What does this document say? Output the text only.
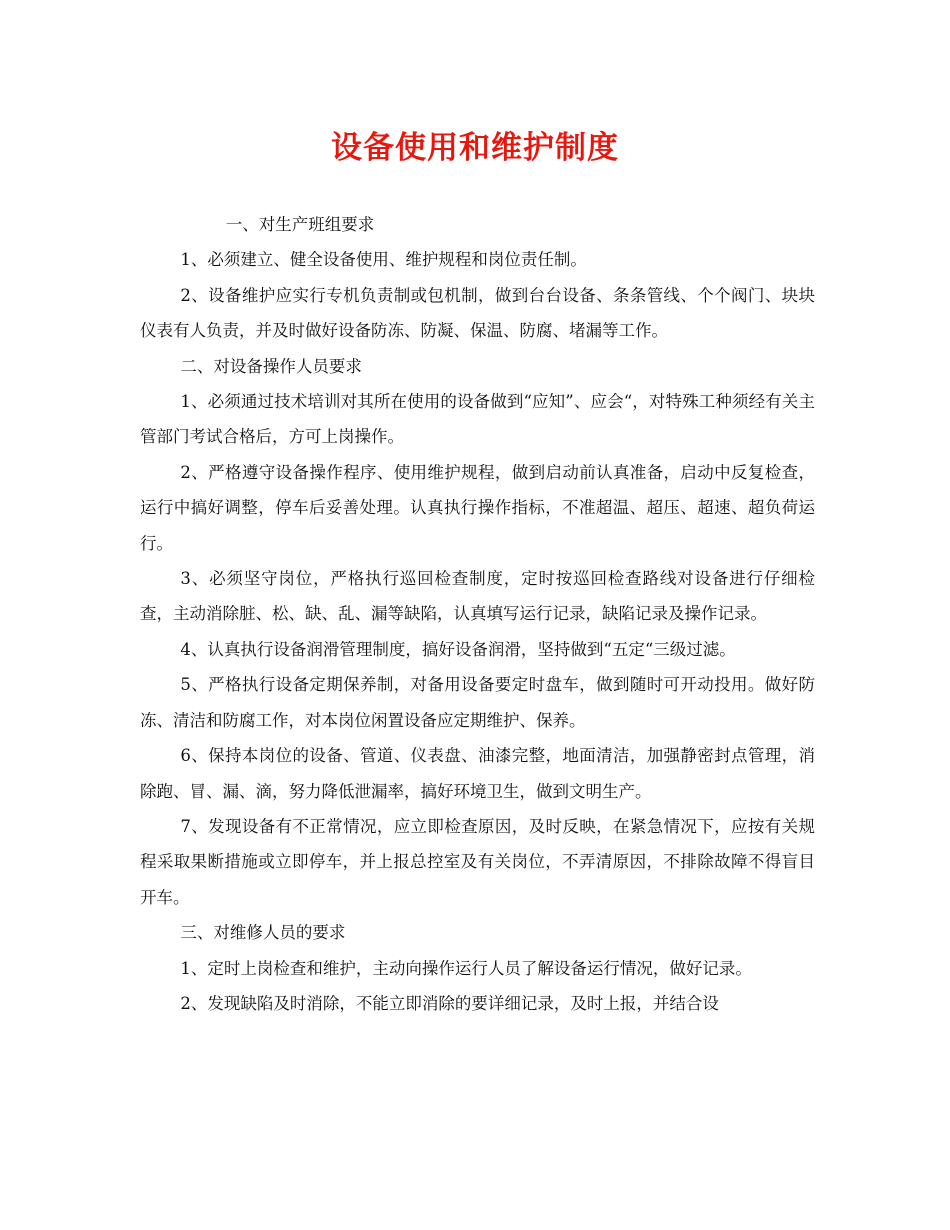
设备使用和维护制度

一、对生产班组要求

1、必须建立、健全设备使用、维护规程和岗位责任制。

2、设备维护应实行专机负责制或包机制，做到台台设备、条条管线、个个阀门、块块仪表有人负责，并及时做好设备防冻、防凝、保温、防腐、堵漏等工作。

二、对设备操作人员要求

1、必须通过技术培训对其所在使用的设备做到“应知”、应会“，对特殊工种须经有关主管部门考试合格后，方可上岗操作。

2、严格遵守设备操作程序、使用维护规程，做到启动前认真准备，启动中反复检查，运行中搞好调整，停车后妥善处理。认真执行操作指标，不准超温、超压、超速、超负荷运行。

3、必须坚守岗位，严格执行巡回检查制度，定时按巡回检查路线对设备进行仔细检查，主动消除脏、松、缺、乱、漏等缺陷，认真填写运行记录，缺陷记录及操作记录。

4、认真执行设备润滑管理制度，搞好设备润滑，坚持做到“五定“三级过滤。

5、严格执行设备定期保养制，对备用设备要定时盘车，做到随时可开动投用。做好防冻、清洁和防腐工作，对本岗位闲置设备应定期维护、保养。

6、保持本岗位的设备、管道、仪表盘、油漆完整，地面清洁，加强静密封点管理，消除跑、冒、漏、滴，努力降低泄漏率，搞好环境卫生，做到文明生产。

7、发现设备有不正常情况，应立即检查原因，及时反映，在紧急情况下，应按有关规程采取果断措施或立即停车，并上报总控室及有关岗位，不弄清原因，不排除故障不得盲目开车。

三、对维修人员的要求

1、定时上岗检查和维护，主动向操作运行人员了解设备运行情况，做好记录。

2、发现缺陷及时消除，不能立即消除的要详细记录，及时上报，并结合设
